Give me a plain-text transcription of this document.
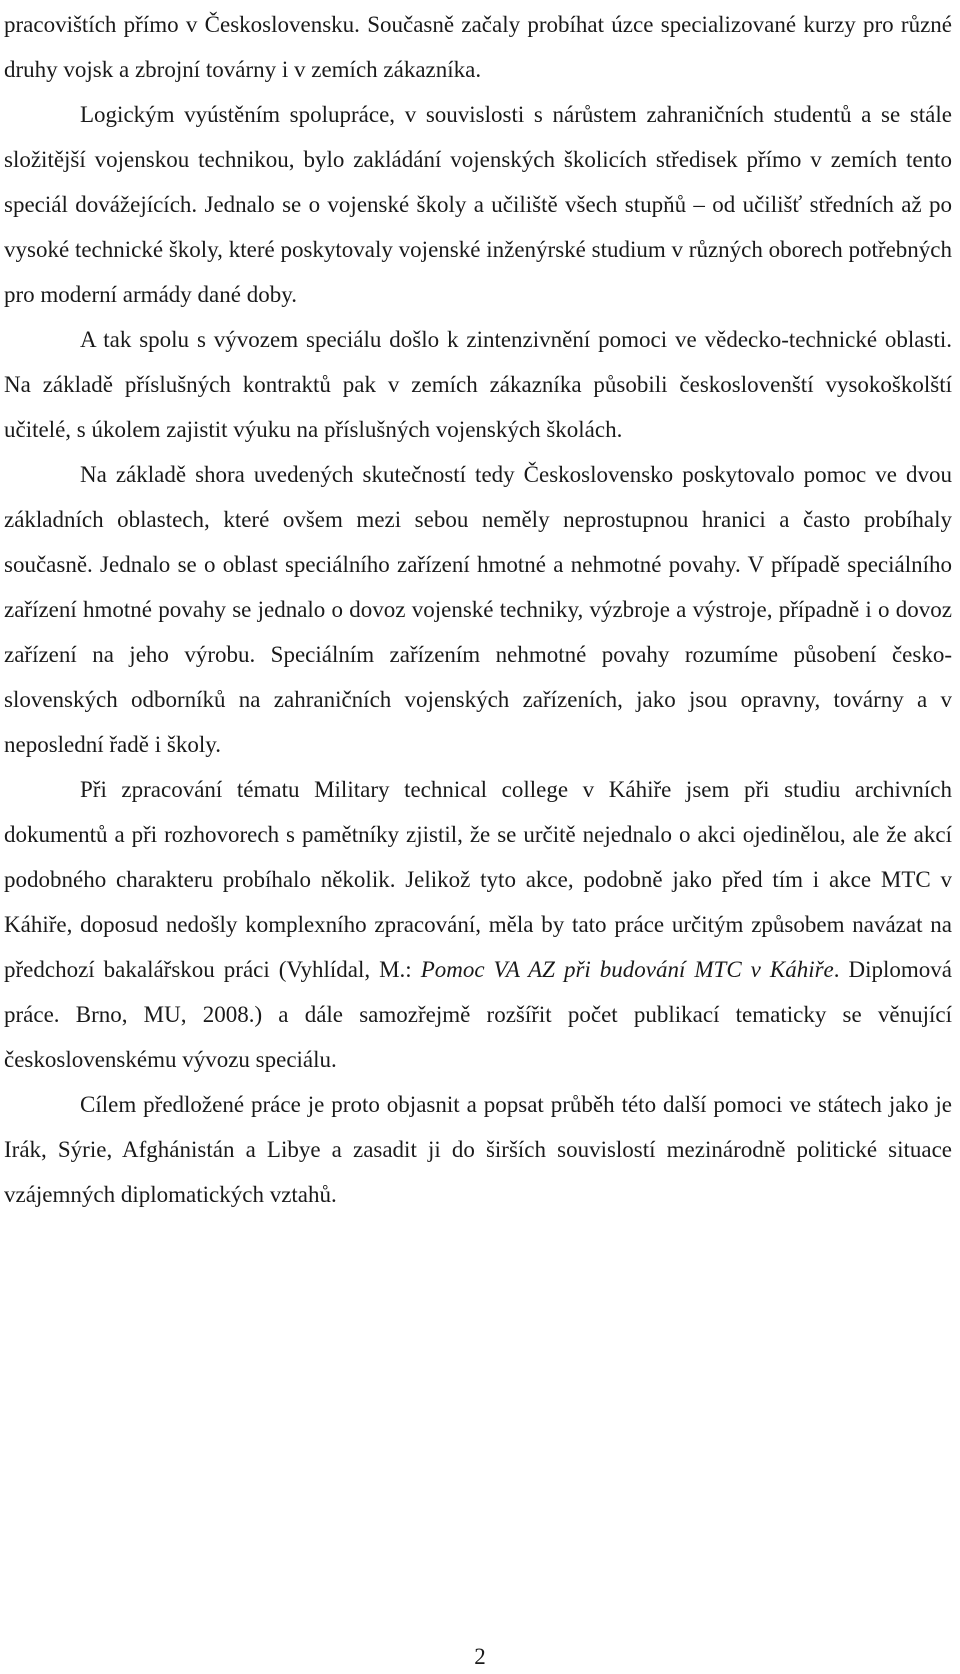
pracovištích přímo v Československu. Současně začaly probíhat úzce specializované kurzy pro různé druhy vojsk a zbrojní továrny i v zemích zákazníka.

Logickým vyústěním spolupráce, v souvislosti s nárůstem zahraničních studentů a se stále složitější vojenskou technikou, bylo zakládání vojenských školicích středisek přímo v zemích tento speciál dovážejících. Jednalo se o vojenské školy a učiliště všech stupňů – od učilišť středních až po vysoké technické školy, které poskytovaly vojenské inženýrské studium v různých oborech potřebných pro moderní armády dané doby.

A tak spolu s vývozem speciálu došlo k zintenzivnění pomoci ve vědecko-technické oblasti. Na základě příslušných kontraktů pak v zemích zákazníka působili českoslovenští vysokoškolští učitelé, s úkolem zajistit výuku na příslušných vojenských školách.

Na základě shora uvedených skutečností tedy Československo poskytovalo pomoc ve dvou základních oblastech, které ovšem mezi sebou neměly neprostupnou hranici a často probíhaly současně. Jednalo se o oblast speciálního zařízení hmotné a nehmotné povahy. V případě speciálního zařízení hmotné povahy se jednalo o dovoz vojenské techniky, výzbroje a výstroje, případně i o dovoz zařízení na jeho výrobu. Speciálním zařízením nehmotné povahy rozumíme působení česko-slovenských odborníků na zahraničních vojenských zařízeních, jako jsou opravny, továrny a v neposlední řadě i školy.

Při zpracování tématu Military technical college v Káhiře jsem při studiu archivních dokumentů a při rozhovorech s pamětníky zjistil, že se určitě nejednalo o akci ojedinělou, ale že akcí podobného charakteru probíhalo několik. Jelikož tyto akce, podobně jako před tím i akce MTC v Káhiře, doposud nedošly komplexního zpracování, měla by tato práce určitým způsobem navázat na předchozí bakalářskou práci (Vyhlídal, M.: Pomoc VA AZ při budování MTC v Káhiře. Diplomová práce. Brno, MU, 2008.) a dále samozřejmě rozšířit počet publikací tematicky se věnující československému vývozu speciálu.

Cílem předložené práce je proto objasnit a popsat průběh této další pomoci ve státech jako je Irák, Sýrie, Afghánistán a Libye a zasadit ji do širších souvislostí mezinárodně politické situace vzájemných diplomatických vztahů.

2
